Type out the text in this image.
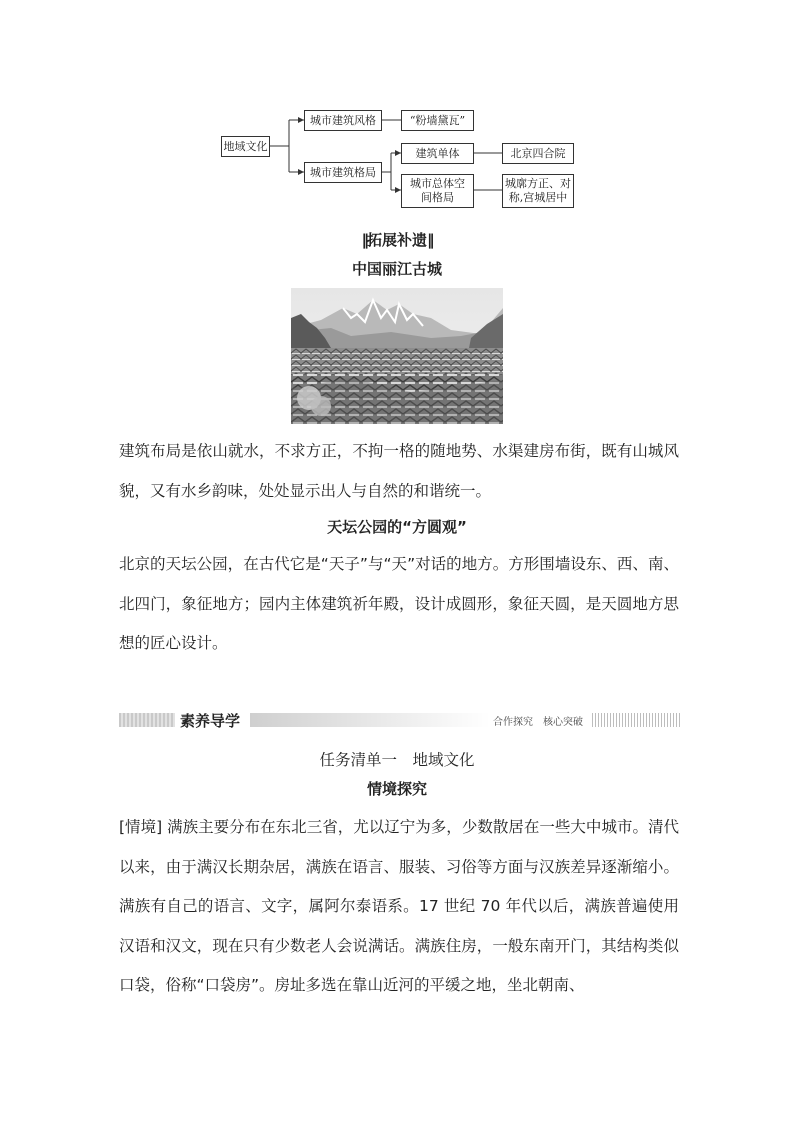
地域文化
城市建筑风格	“粉墙黛瓦”
城市建筑格局
建筑单体	北京四合院
城市总体空
间格局
城廓方正、对
称,宫城居中
‖拓展补遗‖
中国丽江古城

建筑布局是依山就水，不求方正，不拘一格的随地势、水渠建房布街，既有山城风貌，又有水乡韵味，处处显示出人与自然的和谐统一。

天坛公园的“方圆观”

北京的天坛公园，在古代它是“天子”与“天”对话的地方。方形围墙设东、西、南、北四门，象征地方；园内主体建筑祈年殿，设计成圆形，象征天圆，是天圆地方思想的匠心设计。

素养导学	合作探究　核心突破
任务清单一　地域文化
情境探究

[情境] 满族主要分布在东北三省，尤以辽宁为多，少数散居在一些大中城市。清代以来，由于满汉长期杂居，满族在语言、服装、习俗等方面与汉族差异逐渐缩小。满族有自己的语言、文字，属阿尔泰语系。17 世纪 70 年代以后，满族普遍使用汉语和汉文，现在只有少数老人会说满话。满族住房，一般东南开门，其结构类似口袋，俗称“口袋房”。房址多选在靠山近河的平缓之地，坐北朝南、
